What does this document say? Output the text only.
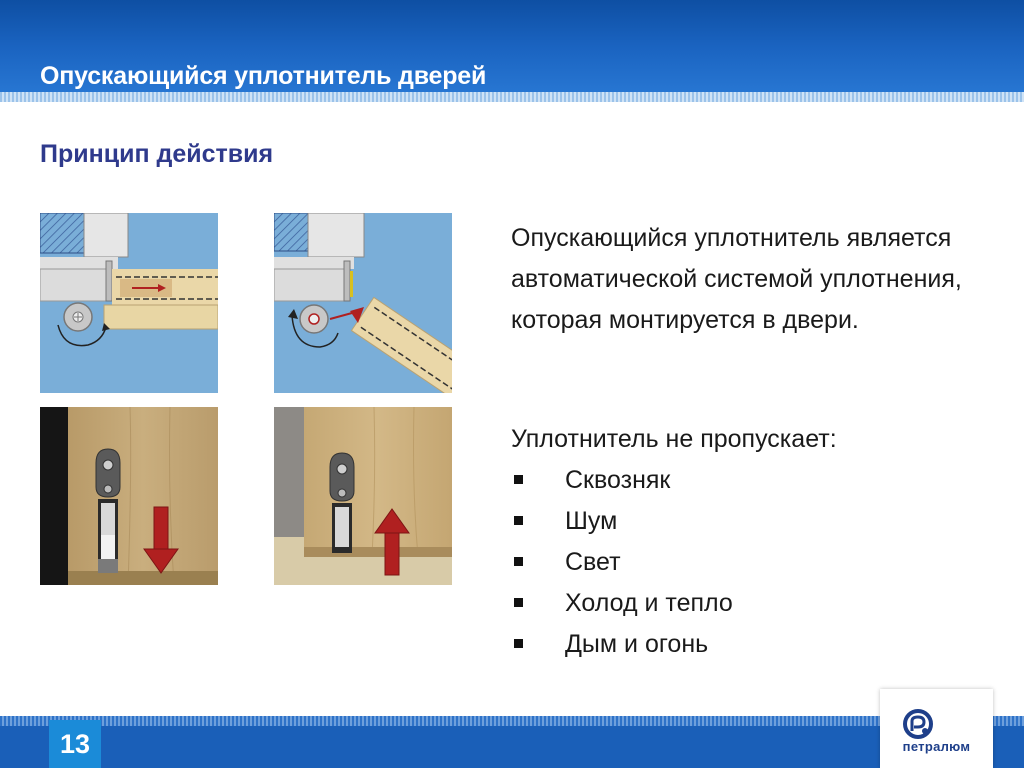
Опускающийся уплотнитель дверей
Принцип действия

Опускающийся уплотнитель является автоматической системой уплотнения, которая монтируется в двери.

Уплотнитель не пропускает:

Сквозняк
Шум
Свет
Холод и тепло
Дым и огонь
13	петралюм
